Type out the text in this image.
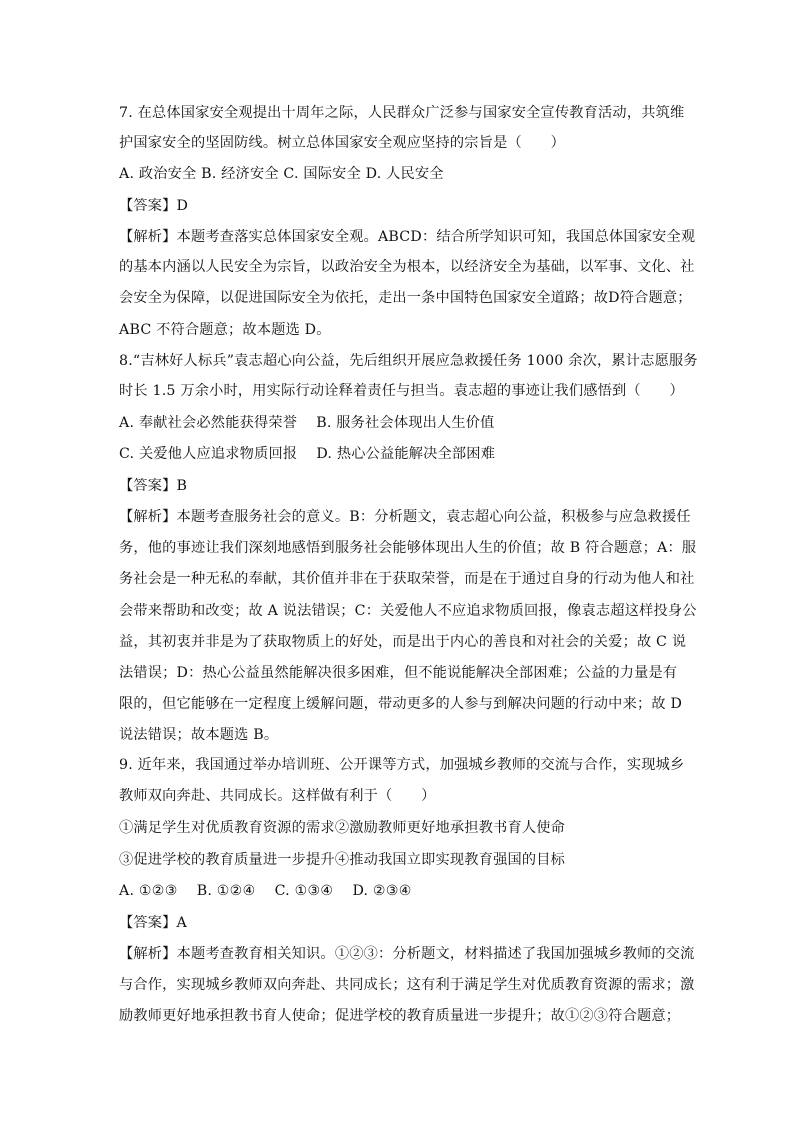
7. 在总体国家安全观提出十周年之际，人民群众广泛参与国家安全宣传教育活动，共筑维
护国家安全的坚固防线。树立总体国家安全观应坚持的宗旨是（　　）
A. 政治安全 B. 经济安全 C. 国际安全 D. 人民安全
【答案】D
【解析】本题考查落实总体国家安全观。ABCD：结合所学知识可知，我国总体国家安全观
的基本内涵以人民安全为宗旨，以政治安全为根本，以经济安全为基础，以军事、文化、社
会安全为保障，以促进国际安全为依托，走出一条中国特色国家安全道路；故D符合题意；
ABC 不符合题意；故本题选 D。
8.“吉林好人标兵”袁志超心向公益，先后组织开展应急救援任务 1000 余次，累计志愿服务
时长 1.5 万余小时，用实际行动诠释着责任与担当。袁志超的事迹让我们感悟到（　　）
A. 奉献社会必然能获得荣誉　 B. 服务社会体现出人生价值
C. 关爱他人应追求物质回报　 D. 热心公益能解决全部困难
【答案】B
【解析】本题考查服务社会的意义。B：分析题文，袁志超心向公益，积极参与应急救援任
务，他的事迹让我们深刻地感悟到服务社会能够体现出人生的价值；故 B 符合题意；A：服
务社会是一种无私的奉献，其价值并非在于获取荣誉，而是在于通过自身的行动为他人和社
会带来帮助和改变；故 A 说法错误；C：关爱他人不应追求物质回报，像袁志超这样投身公
益，其初衷并非是为了获取物质上的好处，而是出于内心的善良和对社会的关爱；故 C 说
法错误；D：热心公益虽然能解决很多困难，但不能说能解决全部困难；公益的力量是有
限的，但它能够在一定程度上缓解问题，带动更多的人参与到解决问题的行动中来；故 D
说法错误；故本题选 B。
9. 近年来，我国通过举办培训班、公开课等方式，加强城乡教师的交流与合作，实现城乡
教师双向奔赴、共同成长。这样做有利于（　　）
①满足学生对优质教育资源的需求②激励教师更好地承担教书育人使命
③促进学校的教育质量进一步提升④推动我国立即实现教育强国的目标
A. ①②③　 B. ①②④　 C. ①③④　 D. ②③④
【答案】A
【解析】本题考查教育相关知识。①②③：分析题文，材料描述了我国加强城乡教师的交流
与合作，实现城乡教师双向奔赴、共同成长；这有利于满足学生对优质教育资源的需求；激
励教师更好地承担教书育人使命；促进学校的教育质量进一步提升；故①②③符合题意；
